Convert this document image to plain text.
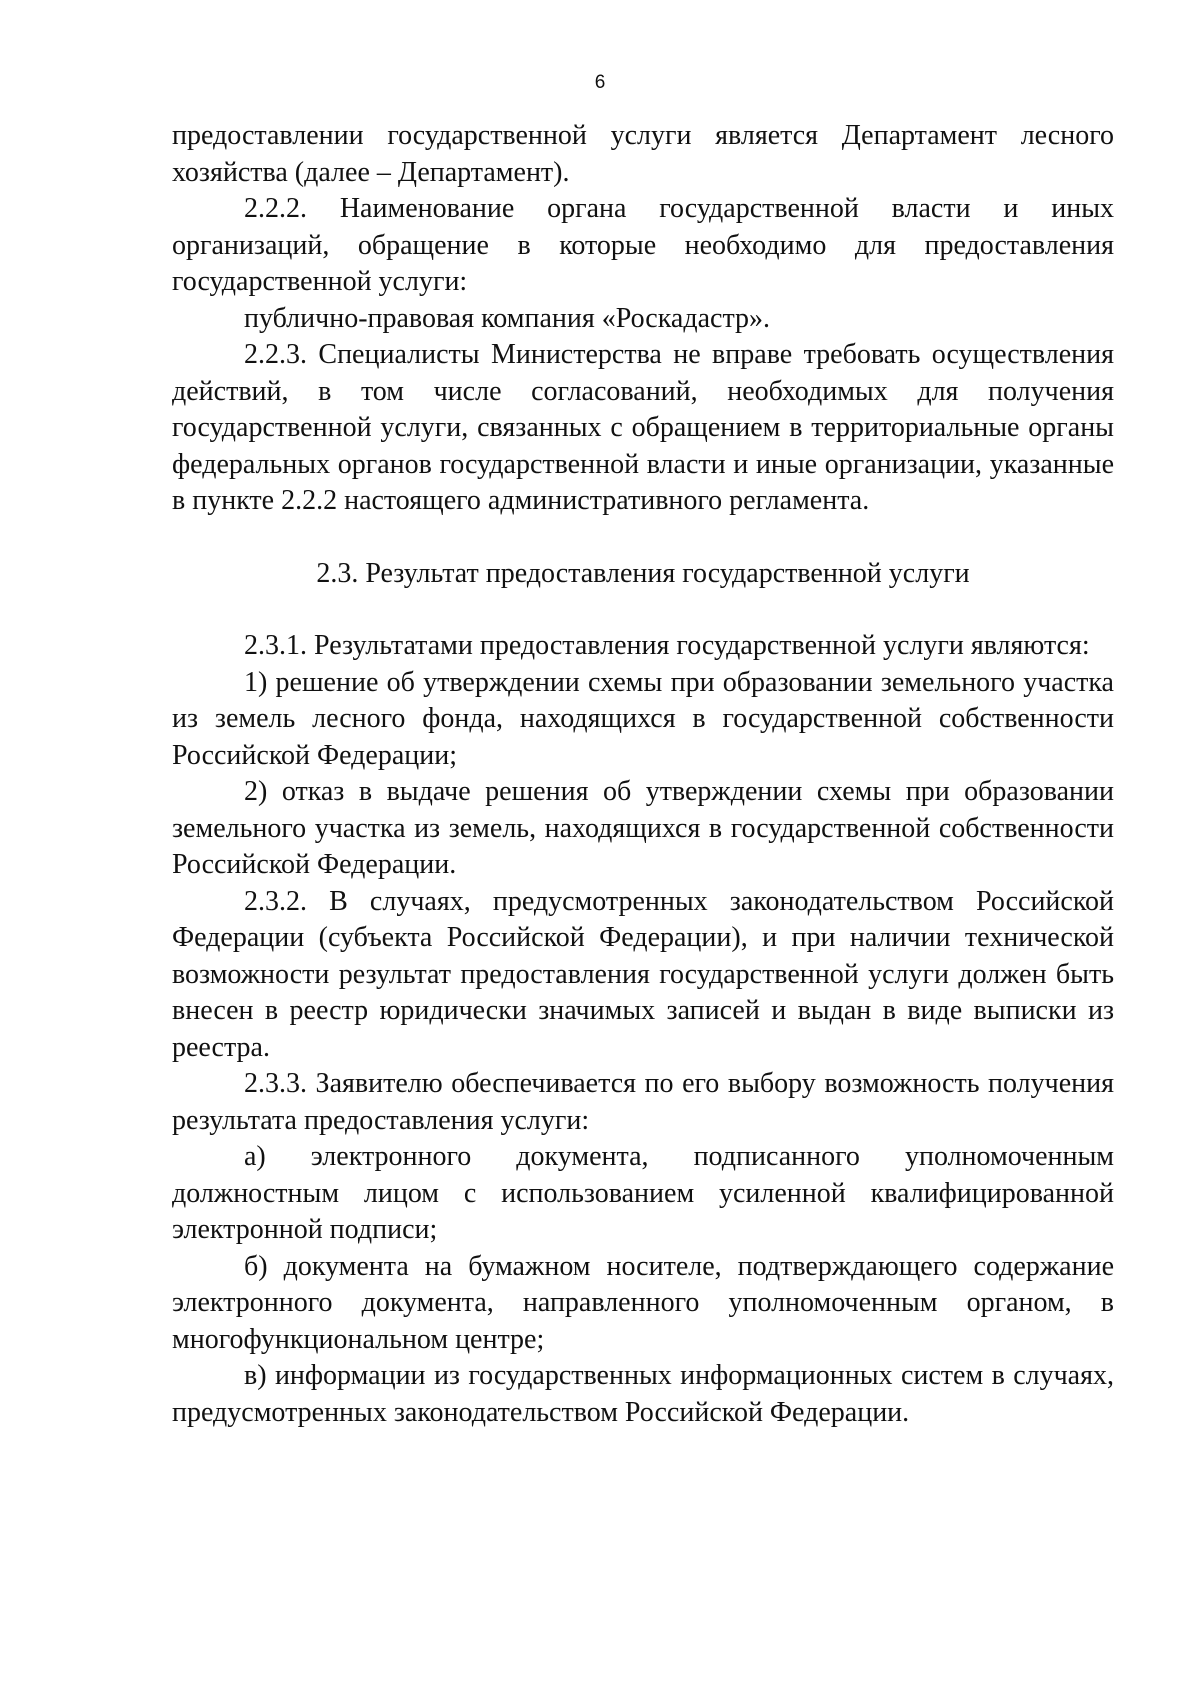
6

предоставлении государственной услуги является Департамент лесного хозяйства (далее – Департамент).

2.2.2. Наименование органа государственной власти и иных организаций, обращение в которые необходимо для предоставления государственной услуги:

публично-правовая компания «Роскадастр».

2.2.3. Специалисты Министерства не вправе требовать осуществления действий, в том числе согласований, необходимых для получения государственной услуги, связанных с обращением в территориальные органы федеральных органов государственной власти и иные организации, указанные в пункте 2.2.2 настоящего административного регламента.

2.3. Результат предоставления государственной услуги

2.3.1. Результатами предоставления государственной услуги являются:

1) решение об утверждении схемы при образовании земельного участка из земель лесного фонда, находящихся в государственной собственности Российской Федерации;

2) отказ в выдаче решения об утверждении схемы при образовании земельного участка из земель, находящихся в государственной собственности Российской Федерации.

2.3.2. В случаях, предусмотренных законодательством Российской Федерации (субъекта Российской Федерации), и при наличии технической возможности результат предоставления государственной услуги должен быть внесен в реестр юридически значимых записей и выдан в виде выписки из реестра.

2.3.3. Заявителю обеспечивается по его выбору возможность получения результата предоставления услуги:

а) электронного документа, подписанного уполномоченным должностным лицом с использованием усиленной квалифицированной электронной подписи;

б) документа на бумажном носителе, подтверждающего содержание электронного документа, направленного уполномоченным органом, в многофункциональном центре;

в) информации из государственных информационных систем в случаях, предусмотренных законодательством Российской Федерации.
